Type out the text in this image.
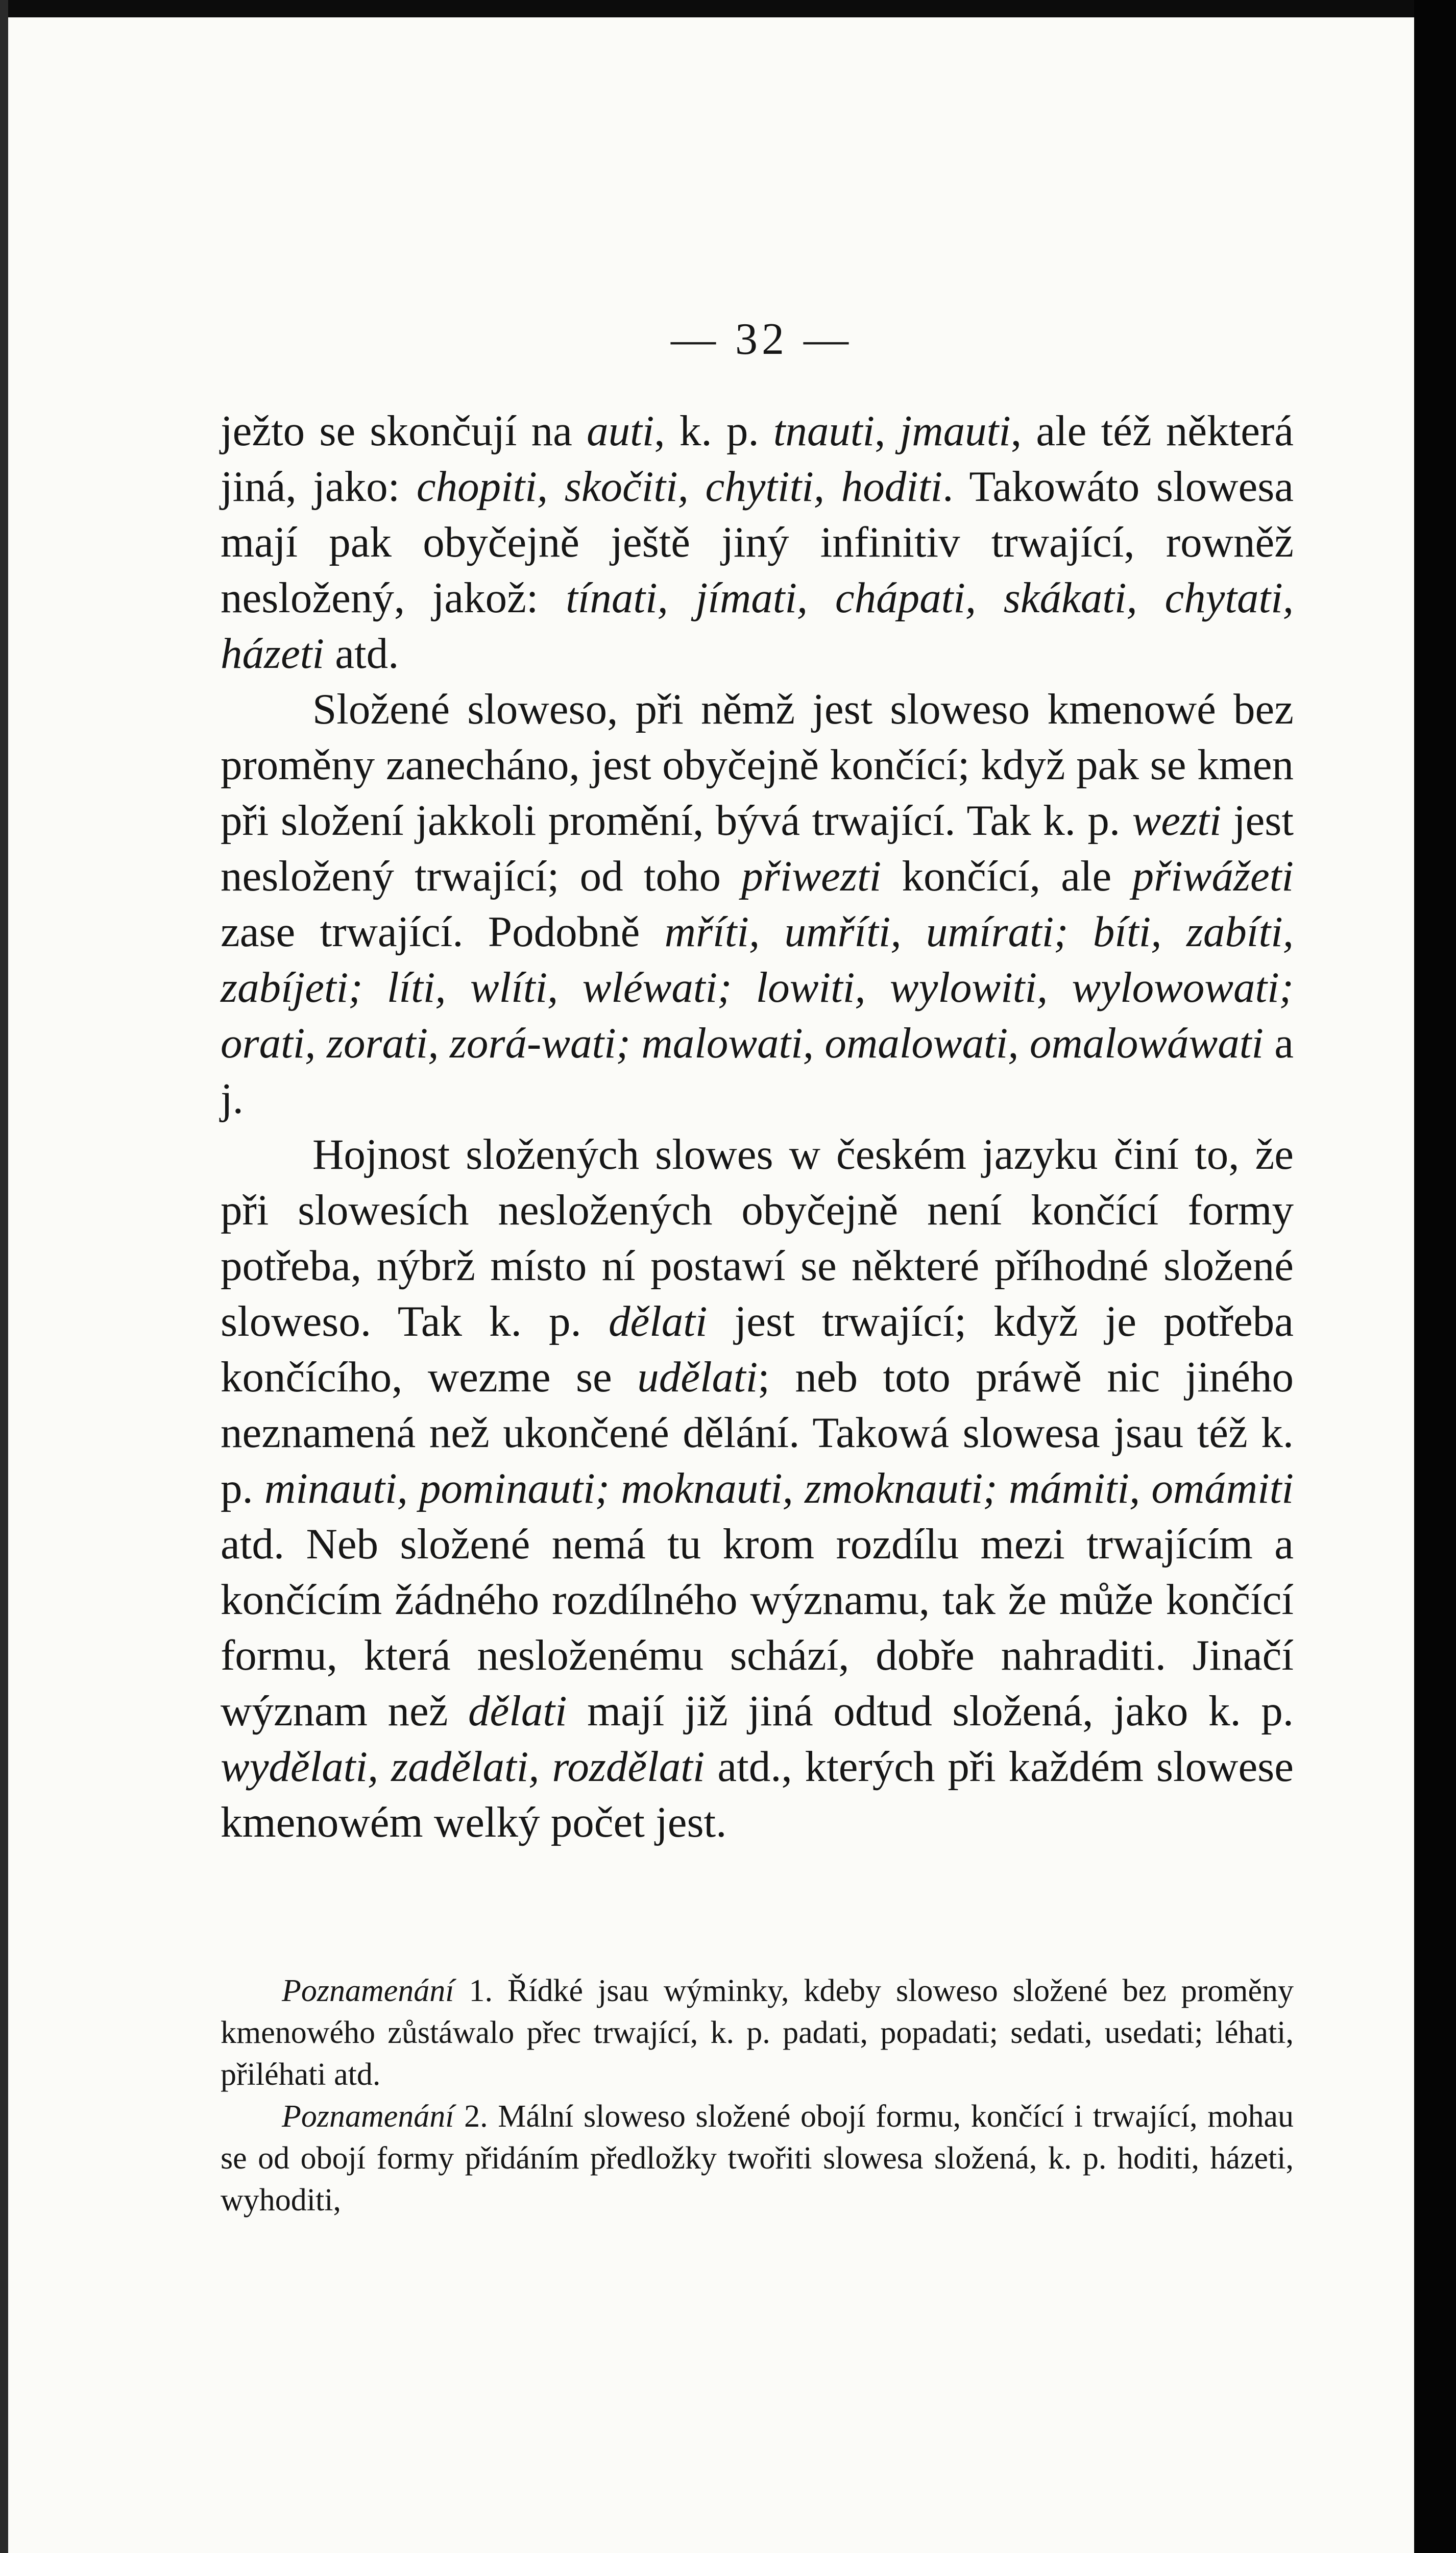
— 32 —

ježto se skončují na auti, k. p. tnauti, jmauti, ale též některá jiná, jako: chopiti, skočiti, chytiti, hoditi. Takowáto slowesa mají pak obyčejně ještě jiný infinitiv trwající, rowněž nesložený, jakož: tínati, jímati, chápati, skákati, chytati, házeti atd.

Složené sloweso, při němž jest sloweso kmenowé bez proměny zanecháno, jest obyčejně končící; když pak se kmen při složení jakkoli promění, bývá trwající. Tak k. p. wezti jest nesložený trwající; od toho přiwezti končící, ale přiwážeti zase trwající. Podobně mříti, umříti, umírati; bíti, zabíti, zabíjeti; líti, wlíti, wléwati; lowiti, wylowiti, wylowowati; orati, zorati, zorá-wati; malowati, omalowati, omalowáwati a j.

Hojnost složených slowes w českém jazyku činí to, že při slowesích nesložených obyčejně není končící formy potřeba, nýbrž místo ní postawí se některé příhodné složené sloweso. Tak k. p. dělati jest trwající; když je potřeba končícího, wezme se udělati; neb toto práwě nic jiného neznamená než ukončené dělání. Takowá slowesa jsau též k. p. minauti, pominauti; moknauti, zmoknauti; mámiti, omámiti atd. Neb složené nemá tu krom rozdílu mezi trwajícím a končícím žádného rozdílného wýznamu, tak že může končící formu, která nesloženému schází, dobře nahraditi. Jinačí wýznam než dělati mají již jiná odtud složená, jako k. p. wydělati, zadělati, rozdělati atd., kterých při každém slowese kmenowém welký počet jest.

Poznamenání 1. Řídké jsau wýminky, kdeby sloweso složené bez proměny kmenowého zůstáwalo přec trwající, k. p. padati, popadati; sedati, usedati; léhati, přiléhati atd.

Poznamenání 2. Mální sloweso složené obojí formu, končící i trwající, mohau se od obojí formy přidáním předložky twořiti slowesa složená, k. p. hoditi, házeti, wyhoditi,
